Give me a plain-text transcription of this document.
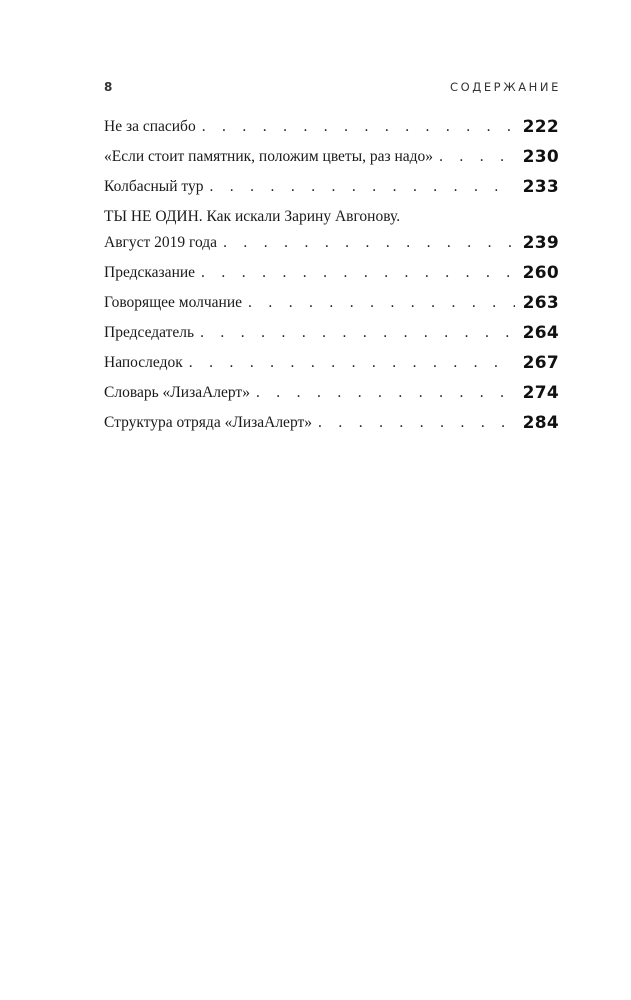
8	СОДЕРЖАНИЕ
Не за спасибо . . .	222
«Если стоит памятник, положим цветы, раз надо» . . .	230
Колбасный тур . . .	233
ТЫ НЕ ОДИН. Как искали Зарину Авгонову.
Август 2019 года . . .	239
Предсказание . . .	260
Говорящее молчание . . .	263
Председатель . . .	264
Напоследок . . .	267
Словарь «ЛизаАлерт» . . .	274
Структура отряда «ЛизаАлерт» . . .	284
